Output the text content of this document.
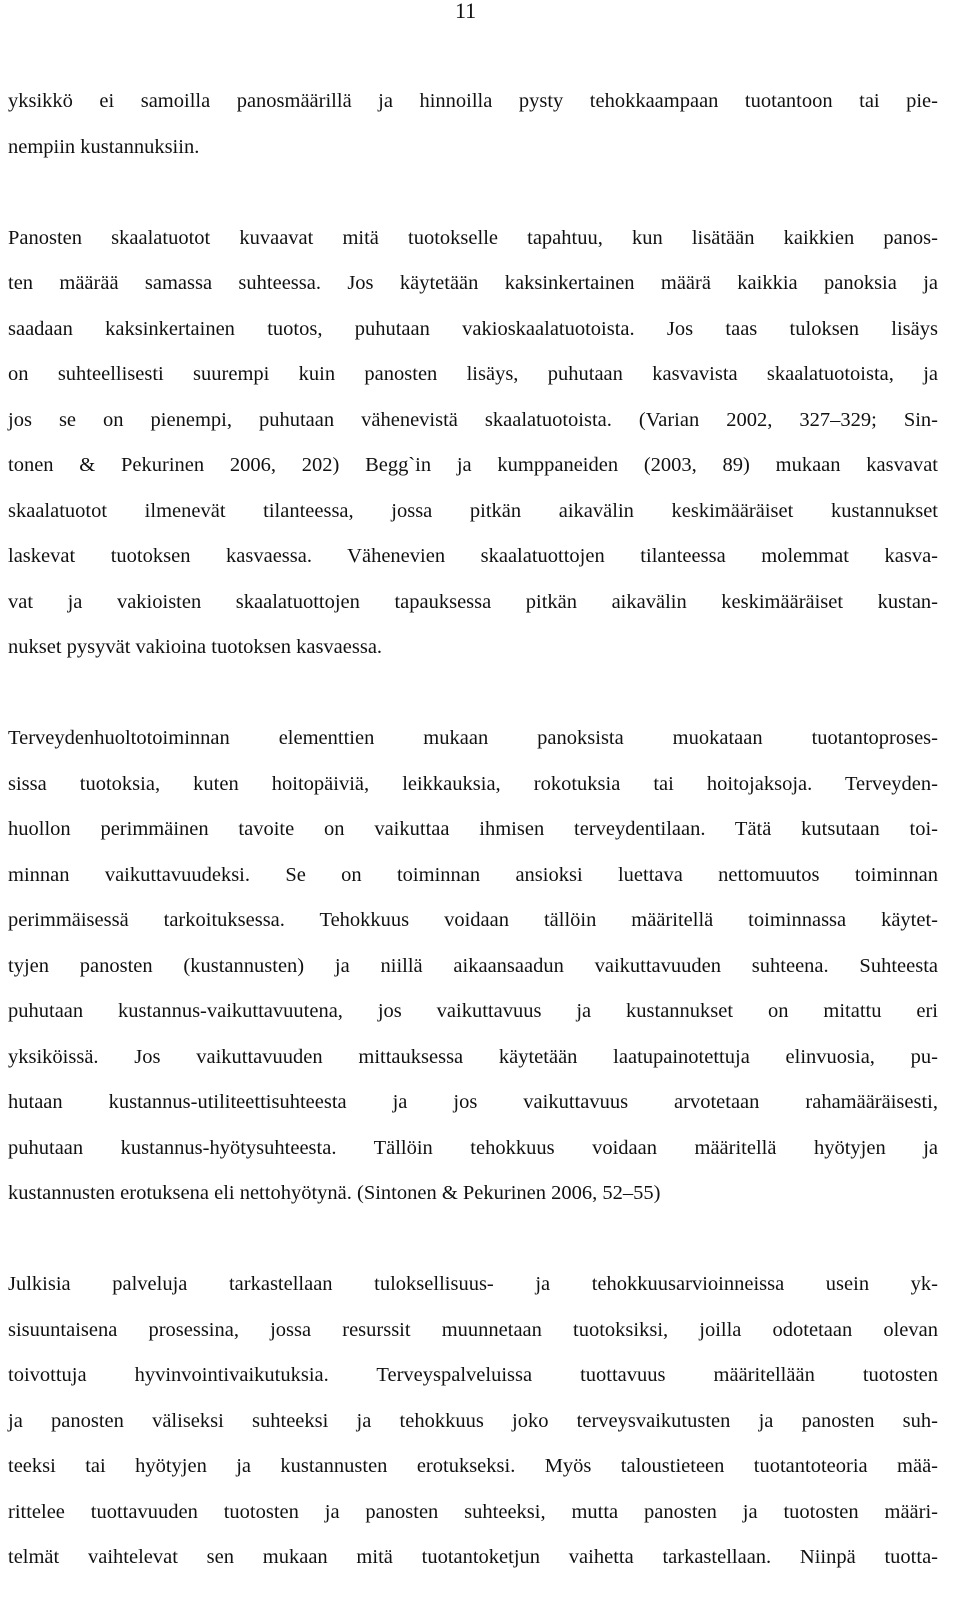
11
yksikkö ei samoilla panosmäärillä ja hinnoilla pysty tehokkaampaan tuotantoon tai pie-
nempiin kustannuksiin.
Panosten skaalatuotot kuvaavat mitä tuotokselle tapahtuu, kun lisätään kaikkien panos-
ten määrää samassa suhteessa. Jos käytetään kaksinkertainen määrä kaikkia panoksia ja
saadaan kaksinkertainen tuotos, puhutaan vakioskaalatuotoista. Jos taas tuloksen lisäys
on suhteellisesti suurempi kuin panosten lisäys, puhutaan kasvavista skaalatuotoista, ja
jos se on pienempi, puhutaan vähenevistä skaalatuotoista. (Varian 2002, 327–329; Sin-
tonen & Pekurinen 2006, 202) Begg`in ja kumppaneiden (2003, 89) mukaan kasvavat
skaalatuotot ilmenevät tilanteessa, jossa pitkän aikavälin keskimääräiset kustannukset
laskevat tuotoksen kasvaessa. Vähenevien skaalatuottojen tilanteessa molemmat kasva-
vat ja vakioisten skaalatuottojen tapauksessa pitkän aikavälin keskimääräiset kustan-
nukset pysyvät vakioina tuotoksen kasvaessa.
Terveydenhuoltotoiminnan elementtien mukaan panoksista muokataan tuotantoproses-
sissa tuotoksia, kuten hoitopäiviä, leikkauksia, rokotuksia tai hoitojaksoja. Terveyden-
huollon perimmäinen tavoite on vaikuttaa ihmisen terveydentilaan. Tätä kutsutaan toi-
minnan vaikuttavuudeksi. Se on toiminnan ansioksi luettava nettomuutos toiminnan
perimmäisessä tarkoituksessa. Tehokkuus voidaan tällöin määritellä toiminnassa käytet-
tyjen panosten (kustannusten) ja niillä aikaansaadun vaikuttavuuden suhteena. Suhteesta
puhutaan kustannus-vaikuttavuutena, jos vaikuttavuus ja kustannukset on mitattu eri
yksiköissä. Jos vaikuttavuuden mittauksessa käytetään laatupainotettuja elinvuosia, pu-
hutaan kustannus-utiliteettisuhteesta ja jos vaikuttavuus arvotetaan rahamääräisesti,
puhutaan kustannus-hyötysuhteesta. Tällöin tehokkuus voidaan määritellä hyötyjen ja
kustannusten erotuksena eli nettohyötynä. (Sintonen & Pekurinen 2006, 52–55)
Julkisia palveluja tarkastellaan tuloksellisuus- ja tehokkuusarvioinneissa usein yk-
sisuuntaisena prosessina, jossa resurssit muunnetaan tuotoksiksi, joilla odotetaan olevan
toivottuja hyvinvointivaikutuksia. Terveyspalveluissa tuottavuus määritellään tuotosten
ja panosten väliseksi suhteeksi ja tehokkuus joko terveysvaikutusten ja panosten suh-
teeksi tai hyötyjen ja kustannusten erotukseksi. Myös taloustieteen tuotantoteoria mää-
rittelee tuottavuuden tuotosten ja panosten suhteeksi, mutta panosten ja tuotosten määri-
telmät vaihtelevat sen mukaan mitä tuotantoketjun vaihetta tarkastellaan. Niinpä tuotta-
